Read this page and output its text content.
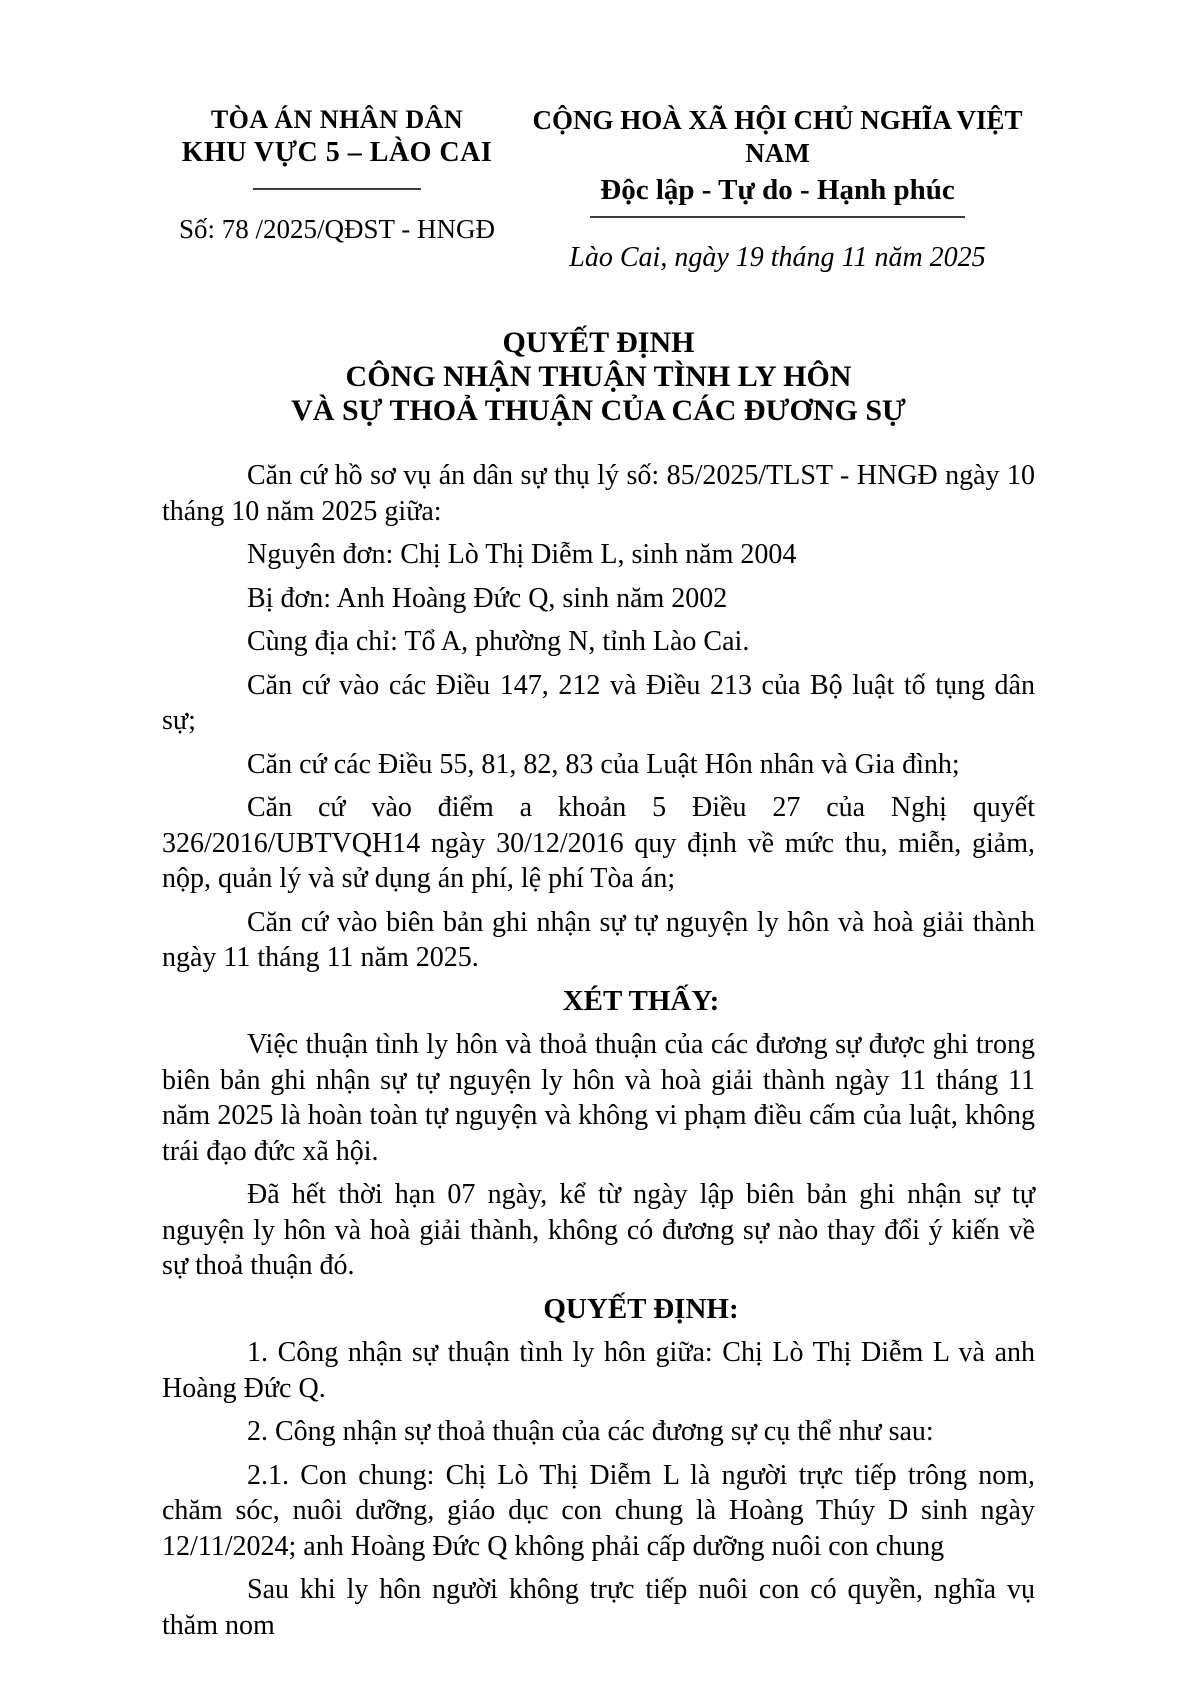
TÒA ÁN NHÂN DÂN
KHU VỰC 5 – LÀO CAI
Số: 78 /2025/QĐST - HNGĐ
CỘNG HOÀ XÃ HỘI CHỦ NGHĨA VIỆT NAM
Độc lập - Tự do - Hạnh phúc
Lào Cai, ngày 19 tháng 11 năm 2025
QUYẾT ĐỊNH
CÔNG NHẬN THUẬN TÌNH LY HÔN
VÀ SỰ THOẢ THUẬN CỦA CÁC ĐƯƠNG SỰ

Căn cứ hồ sơ vụ án dân sự thụ lý số: 85/2025/TLST - HNGĐ ngày 10 tháng 10 năm 2025 giữa:

Nguyên đơn: Chị Lò Thị Diễm L, sinh năm 2004

Bị đơn: Anh Hoàng Đức Q, sinh năm 2002

Cùng địa chỉ: Tổ A, phường N, tỉnh Lào Cai.

Căn cứ vào các Điều 147, 212 và Điều 213 của Bộ luật tố tụng dân sự;

Căn cứ các Điều 55, 81, 82, 83 của Luật Hôn nhân và Gia đình;

Căn cứ vào điểm a khoản 5 Điều 27 của Nghị quyết 326/2016/UBTVQH14 ngày 30/12/2016 quy định về mức thu, miễn, giảm, nộp, quản lý và sử dụng án phí, lệ phí Tòa án;

Căn cứ vào biên bản ghi nhận sự tự nguyện ly hôn và hoà giải thành ngày 11 tháng 11 năm 2025.

XÉT THẤY:

Việc thuận tình ly hôn và thoả thuận của các đương sự được ghi trong biên bản ghi nhận sự tự nguyện ly hôn và hoà giải thành ngày 11 tháng 11 năm 2025 là hoàn toàn tự nguyện và không vi phạm điều cấm của luật, không trái đạo đức xã hội.

Đã hết thời hạn 07 ngày, kể từ ngày lập biên bản ghi nhận sự tự nguyện ly hôn và hoà giải thành, không có đương sự nào thay đổi ý kiến về sự thoả thuận đó.

QUYẾT ĐỊNH:

1. Công nhận sự thuận tình ly hôn giữa: Chị Lò Thị Diễm L và anh Hoàng Đức Q.

2. Công nhận sự thoả thuận của các đương sự cụ thể như sau:

2.1. Con chung: Chị Lò Thị Diễm L là người trực tiếp trông nom, chăm sóc, nuôi dưỡng, giáo dục con chung là Hoàng Thúy D sinh ngày 12/11/2024; anh Hoàng Đức Q không phải cấp dưỡng nuôi con chung

Sau khi ly hôn người không trực tiếp nuôi con có quyền, nghĩa vụ thăm nom
